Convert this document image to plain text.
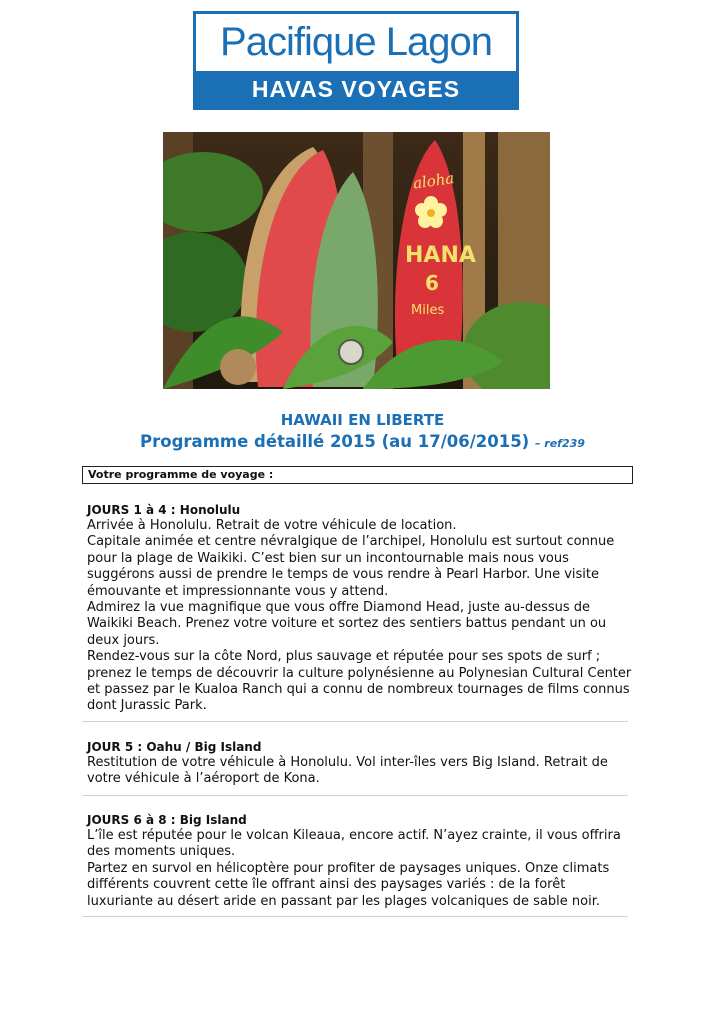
Pacifique Lagon
HAVAS VOYAGES
aloha
HANA
6
Miles
HAWAII EN LIBERTE
Programme détaillé 2015 (au 17/06/2015) – ref239
Votre programme de voyage :
JOURS 1 à 4 : Honolulu

Arrivée à Honolulu. Retrait de votre véhicule de location.

Capitale animée et centre névralgique de l’archipel, Honolulu est surtout connue pour la plage de Waikiki. C’est bien sur un incontournable mais nous vous suggérons aussi de prendre le temps de vous rendre à Pearl Harbor. Une visite émouvante et impressionnante vous y attend.

Admirez la vue magnifique que vous offre Diamond Head, juste au-dessus de Waikiki Beach. Prenez votre voiture et sortez des sentiers battus pendant un ou deux jours.

Rendez-vous sur la côte Nord, plus sauvage et réputée pour ses spots de surf ; prenez le temps de découvrir la culture polynésienne au Polynesian Cultural Center et passez par le Kualoa Ranch qui a connu de nombreux tournages de films connus dont Jurassic Park.

JOUR 5 : Oahu / Big Island

Restitution de votre véhicule à Honolulu. Vol inter-îles vers Big Island. Retrait de votre véhicule à l’aéroport de Kona.

JOURS 6 à 8 : Big Island

L’île est réputée pour le volcan Kileaua, encore actif. N’ayez crainte, il vous offrira des moments uniques.

Partez en survol en hélicoptère pour profiter de paysages uniques. Onze climats différents couvrent cette île offrant ainsi des paysages variés : de la forêt luxuriante au désert aride en passant par les plages volcaniques de sable noir.
